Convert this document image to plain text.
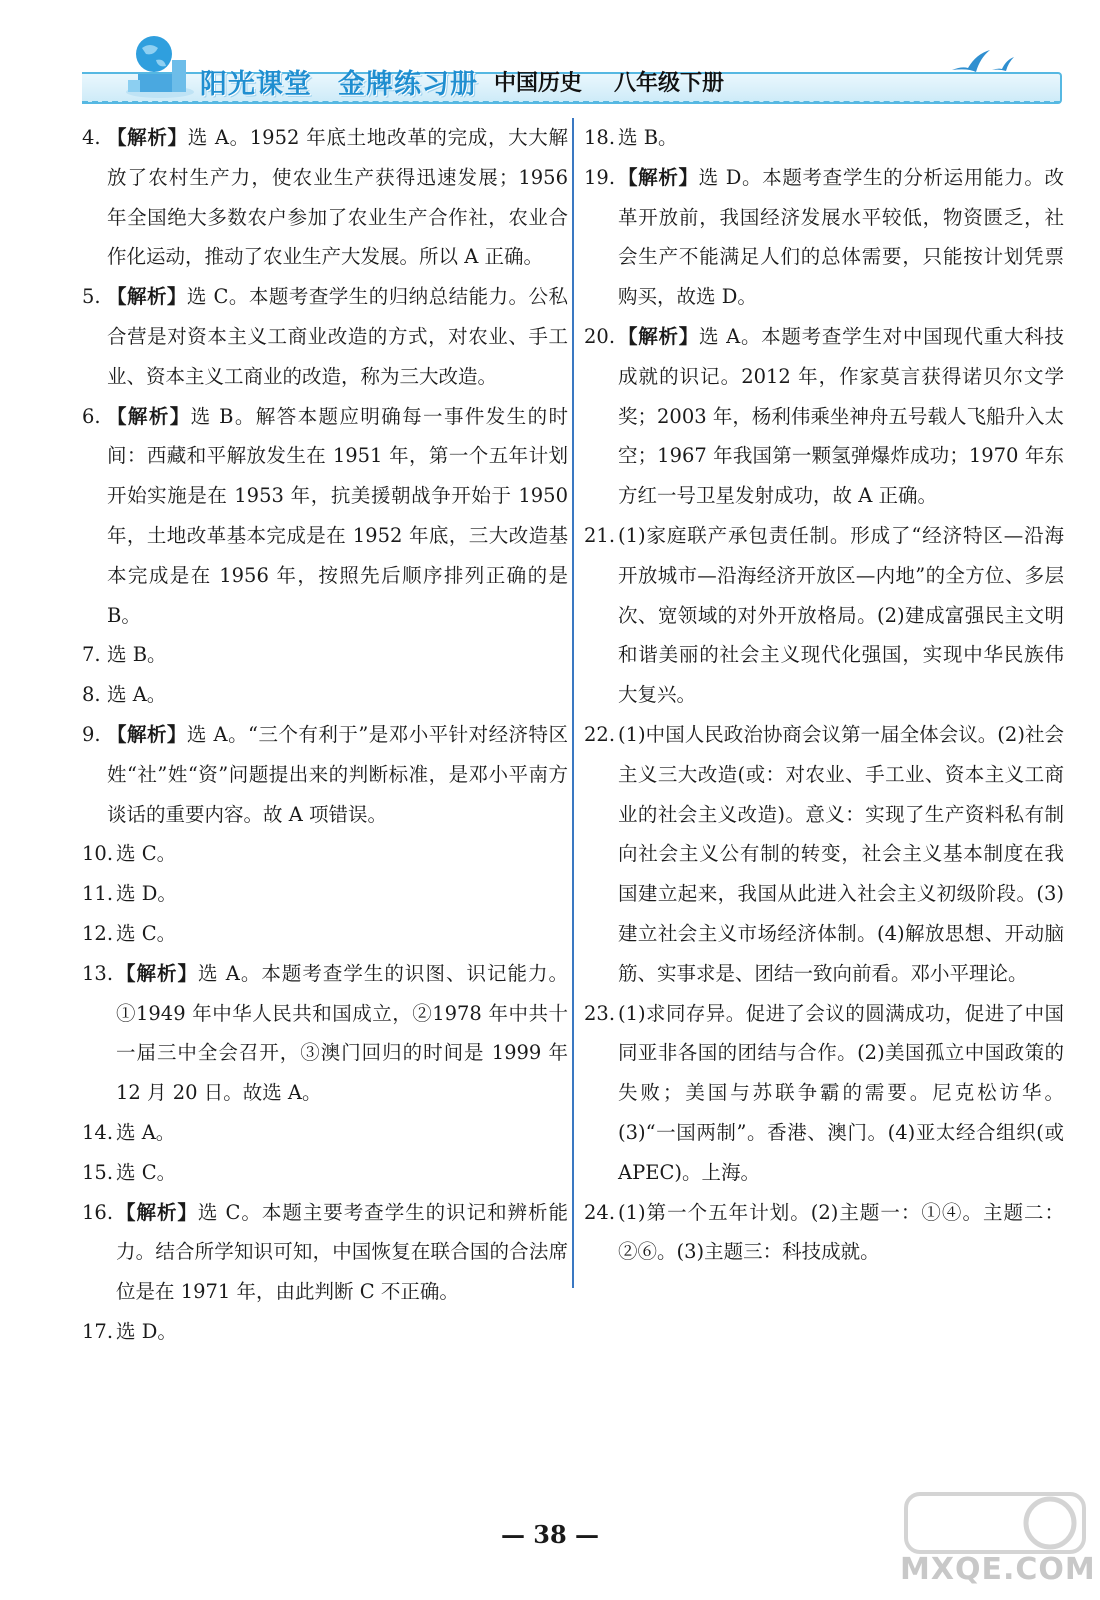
阳光课堂 金牌练习册 中国历史 八年级下册

4. 【解析】选 A。1952 年底土地改革的完成，大大解放了农村生产力，使农业生产获得迅速发展；1956 年全国绝大多数农户参加了农业生产合作社，农业合作化运动，推动了农业生产大发展。所以 A 正确。

5. 【解析】选 C。本题考查学生的归纳总结能力。公私合营是对资本主义工商业改造的方式，对农业、手工业、资本主义工商业的改造，称为三大改造。

6. 【解析】选 B。解答本题应明确每一事件发生的时间：西藏和平解放发生在 1951 年，第一个五年计划开始实施是在 1953 年，抗美援朝战争开始于 1950 年，土地改革基本完成是在 1952 年底，三大改造基本完成是在 1956 年，按照先后顺序排列正确的是 B。

7. 选 B。

8. 选 A。

9. 【解析】选 A。“三个有利于”是邓小平针对经济特区姓“社”姓“资”问题提出来的判断标准，是邓小平南方谈话的重要内容。故 A 项错误。

10. 选 C。

11. 选 D。

12. 选 C。

13. 【解析】选 A。本题考查学生的识图、识记能力。①1949 年中华人民共和国成立，②1978 年中共十一届三中全会召开，③澳门回归的时间是 1999 年 12 月 20 日。故选 A。

14. 选 A。

15. 选 C。

16. 【解析】选 C。本题主要考查学生的识记和辨析能力。结合所学知识可知，中国恢复在联合国的合法席位是在 1971 年，由此判断 C 不正确。

17. 选 D。

18. 选 B。

19. 【解析】选 D。本题考查学生的分析运用能力。改革开放前，我国经济发展水平较低，物资匮乏，社会生产不能满足人们的总体需要，只能按计划凭票购买，故选 D。

20. 【解析】选 A。本题考查学生对中国现代重大科技成就的识记。2012 年，作家莫言获得诺贝尔文学奖；2003 年，杨利伟乘坐神舟五号载人飞船升入太空；1967 年我国第一颗氢弹爆炸成功；1970 年东方红一号卫星发射成功，故 A 正确。

21. (1)家庭联产承包责任制。形成了“经济特区—沿海开放城市—沿海经济开放区—内地”的全方位、多层次、宽领域的对外开放格局。(2)建成富强民主文明和谐美丽的社会主义现代化强国，实现中华民族伟大复兴。

22. (1)中国人民政治协商会议第一届全体会议。(2)社会主义三大改造(或：对农业、手工业、资本主义工商业的社会主义改造)。意义：实现了生产资料私有制向社会主义公有制的转变，社会主义基本制度在我国建立起来，我国从此进入社会主义初级阶段。(3)建立社会主义市场经济体制。(4)解放思想、开动脑筋、实事求是、团结一致向前看。邓小平理论。

23. (1)求同存异。促进了会议的圆满成功，促进了中国同亚非各国的团结与合作。(2)美国孤立中国政策的失败；美国与苏联争霸的需要。尼克松访华。(3)“一国两制”。香港、澳门。(4)亚太经合组织(或 APEC)。上海。

24. (1)第一个五年计划。(2)主题一：①④。主题二：②⑥。(3)主题三：科技成就。

— 38 —
MXQE.COM
